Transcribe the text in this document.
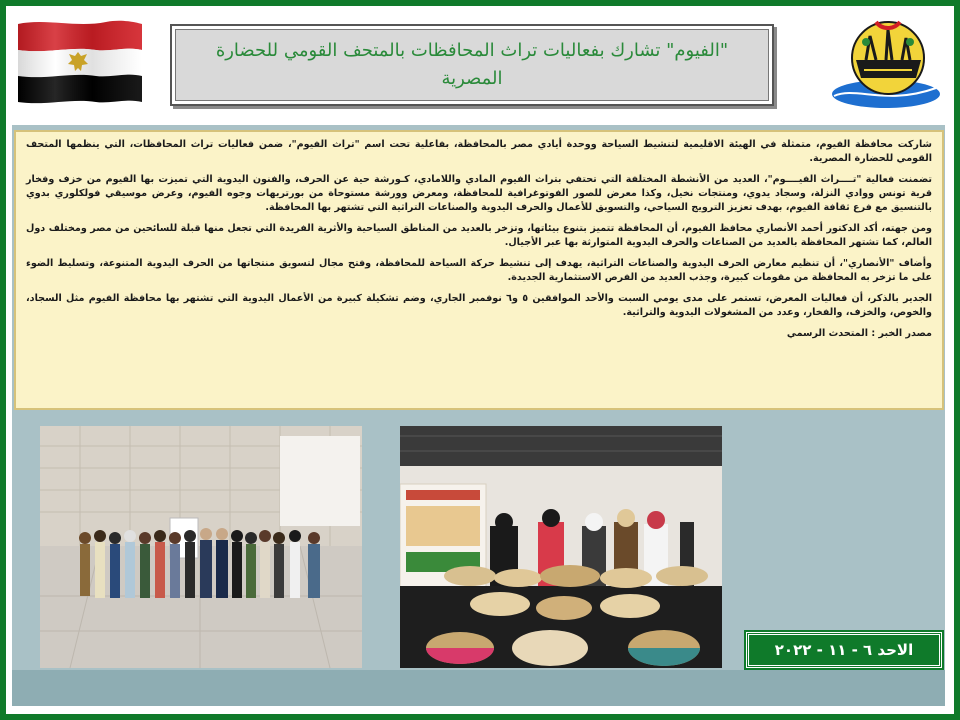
"الفيوم" تشارك بفعاليات تراث المحافظات بالمتحف القومي للحضارة المصرية

شاركت محافظة الفيوم، متمثلة في الهيئة الاقليمية لتنشيط السياحة ووحدة أيادي مصر بالمحافظة، بفاعلية تحت اسم "تراث الفيوم"، ضمن فعاليات تراث المحافظات، التي ينظمها المتحف القومي للحضارة المصرية.

تضمنت فعالية "تــــراث الفيــــوم"، العديد من الأنشطة المختلفة التي تحتفي بتراث الفيوم المادي واللامادي، كـورشة حية عن الحرف، والفنون اليدوية التي تميزت بها الفيوم من خزف وفخار قرية تونس ووادي النزلة، وسجاد يدوي، ومنتجات نخيل، وكذا معرض للصور الفوتوغرافية للمحافظة، ومعرض وورشة مستوحاة من بورتريهات وجوه الفيوم، وعرض موسيقي فولكلوري بدوي بالتنسيق مع فرع ثقافة الفيوم، بهدف تعزيز الترويج السياحي، والتسويق للأعمال والحرف اليدوية والصناعات التراثية التي تشتهر بها المحافظة.

ومن جهته، أكد الدكتور أحمد الأنصاري محافظ الفيوم، أن المحافظة تتميز بتنوع بيئاتها، وتزخر بالعديد من المناطق السياحية والأثرية الفريدة التي تجعل منها قبلة للسائحين من مصر ومختلف دول العالم، كما تشتهر المحافظة بالعديد من الصناعات والحرف اليدوية المتوارثة بها عبر الأجيال.

وأضاف "الأنصاري"، أن تنظيم معارض الحرف اليدوية والصناعات التراثية، يهدف إلى تنشيط حركة السياحة للمحافظة، وفتح مجال لتسويق منتجاتها من الحرف اليدوية المتنوعة، وتسليط الضوء على ما تزخر به المحافظة من مقومات كبيرة، وجذب العديد من الفرص الاستثمارية الجديدة.

الجدير بالذكر، أن فعاليات المعرض، تستمر على مدى يومي السبت والأحد الموافقين ٥ و٦ نوفمبر الجاري، وضم تشكيلة كبيرة من الأعمال اليدوية التي تشتهر بها محافظة الفيوم مثل السجاد، والخوص، والخزف، والفخار، وعدد من المشغولات اليدوية والتراثية.

مصدر الخبر : المتحدث الرسمي

الاحد ٦ - ١١ - ٢٠٢٢
